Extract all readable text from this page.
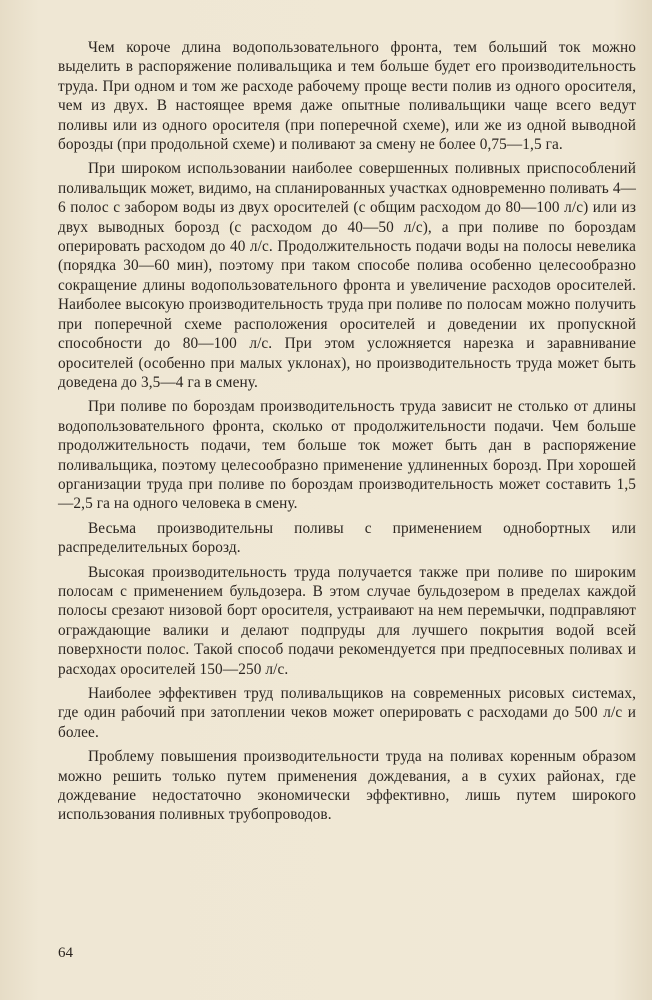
Чем короче длина водопользовательного фронта, тем больший ток можно выделить в распоряжение поливальщика и тем больше будет его производительность труда. При одном и том же расходе рабочему проще вести полив из одного оросителя, чем из двух. В настоящее время даже опытные поливальщики чаще всего ведут поливы или из одного оросителя (при поперечной схеме), или же из одной выводной борозды (при продольной схеме) и поливают за смену не более 0,75—1,5 га.

При широком использовании наиболее совершенных поливных приспособлений поливальщик может, видимо, на спланированных участках одновременно поливать 4—6 полос с забором воды из двух оросителей (с общим расходом до 80—100 л/с) или из двух выводных борозд (с расходом до 40—50 л/с), а при поливе по бороздам оперировать расходом до 40 л/с. Продолжительность подачи воды на полосы невелика (порядка 30—60 мин), поэтому при таком способе полива особенно целесообразно сокращение длины водопользовательного фронта и увеличение расходов оросителей. Наиболее высокую производительность труда при поливе по полосам можно получить при поперечной схеме расположения оросителей и доведении их пропускной способности до 80—100 л/с. При этом усложняется нарезка и заравнивание оросителей (особенно при малых уклонах), но производительность труда может быть доведена до 3,5—4 га в смену.

При поливе по бороздам производительность труда зависит не столько от длины водопользовательного фронта, сколько от продолжительности подачи. Чем больше продолжительность подачи, тем больше ток может быть дан в распоряжение поливальщика, поэтому целесообразно применение удлиненных борозд. При хорошей организации труда при поливе по бороздам производительность может составить 1,5—2,5 га на одного человека в смену.

Весьма производительны поливы с применением однобортных или распределительных борозд.

Высокая производительность труда получается также при поливе по широким полосам с применением бульдозера. В этом случае бульдозером в пределах каждой полосы срезают низовой борт оросителя, устраивают на нем перемычки, подправляют ограждающие валики и делают подпруды для лучшего покрытия водой всей поверхности полос. Такой способ подачи рекомендуется при предпосевных поливах и расходах оросителей 150—250 л/с.

Наиболее эффективен труд поливальщиков на современных рисовых системах, где один рабочий при затоплении чеков может оперировать с расходами до 500 л/с и более.

Проблему повышения производительности труда на поливах коренным образом можно решить только путем применения дождевания, а в сухих районах, где дождевание недостаточно экономически эффективно, лишь путем широкого использования поливных трубопроводов.

64
